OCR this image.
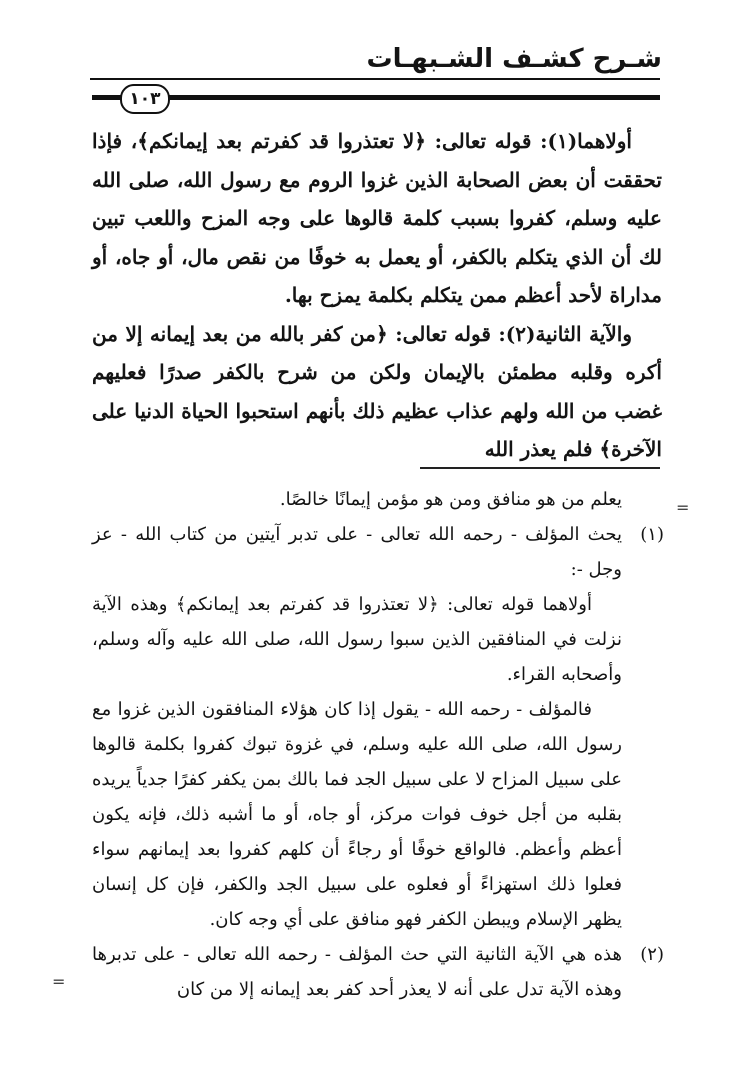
شـرح كشـف الشـبهـات
١٠٣

أولاهما(١): قوله تعالى: ﴿لا تعتذروا قد كفرتم بعد إيمانكم﴾، فإذا تحققت أن بعض الصحابة الذين غزوا الروم مع رسول الله، صلى الله عليه وسلم، كفروا بسبب كلمة قالوها على وجه المزح واللعب تبين لك أن الذي يتكلم بالكفر، أو يعمل به خوفًا من نقص مال، أو جاه، أو مداراة لأحد أعظم ممن يتكلم بكلمة يمزح بها.

والآية الثانية(٢): قوله تعالى: ﴿من كفر بالله من بعد إيمانه إلا من أكره وقلبه مطمئن بالإيمان ولكن من شرح بالكفر صدرًا فعليهم غضب من الله ولهم عذاب عظيم ذلك بأنهم استحبوا الحياة الدنيا على الآخرة﴾ فلم يعذر الله

يعلم من هو منافق ومن هو مؤمن إيمانًا خالصًا.

(١)

يحث المؤلف - رحمه الله تعالى - على تدبر آيتين من كتاب الله - عز وجل -:

أولاهما قوله تعالى: ﴿لا تعتذروا قد كفرتم بعد إيمانكم﴾ وهذه الآية نزلت في المنافقين الذين سبوا رسول الله، صلى الله عليه وآله وسلم، وأصحابه القراء.

فالمؤلف - رحمه الله - يقول إذا كان هؤلاء المنافقون الذين غزوا مع رسول الله، صلى الله عليه وسلم، في غزوة تبوك كفروا بكلمة قالوها على سبيل المزاح لا على سبيل الجد فما بالك بمن يكفر كفرًا جدياً يريده بقلبه من أجل خوف فوات مركز، أو جاه، أو ما أشبه ذلك، فإنه يكون أعظم وأعظم. فالواقع خوفًا أو رجاءً أن كلهم كفروا بعد إيمانهم سواء فعلوا ذلك استهزاءً أو فعلوه على سبيل الجد والكفر، فإن كل إنسان يظهر الإسلام ويبطن الكفر فهو منافق على أي وجه كان.

(٢)

هذه هي الآية الثانية التي حث المؤلف - رحمه الله تعالى - على تدبرها وهذه الآية تدل على أنه لا يعذر أحد كفر بعد إيمانه إلا من كان

=
=
